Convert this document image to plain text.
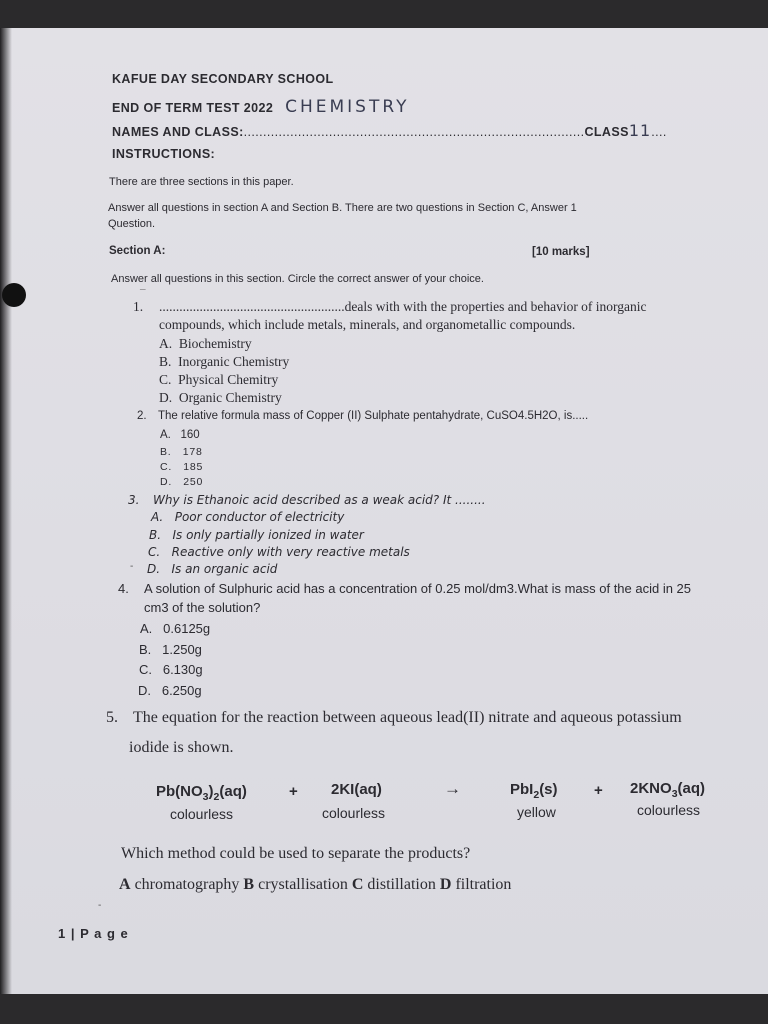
KAFUE DAY SECONDARY SCHOOL
END OF TERM TEST 2022 CHEMISTRY
NAMES AND CLASS:........................................................................................CLASS11....
INSTRUCTIONS:
There are three sections in this paper.
Answer all questions in section A and Section B. There are two questions in Section C, Answer 1
Question.
Section A:	[10 marks]
Answer all questions in this section. Circle the correct answer of your choice.
¯
1. .......................................................deals with with the properties and behavior of inorganic
compounds, which include metals, minerals, and organometallic compounds.
A. Biochemistry
B. Inorganic Chemistry
C. Physical Chemitry
D. Organic Chemistry
2. The relative formula mass of Copper (II) Sulphate pentahydrate, CuSO4.5H2O, is.....
A. 160
B. 178
C. 185
D. 250
3. Why is Ethanoic acid described as a weak acid? It ........
A. Poor conductor of electricity
B. Is only partially ionized in water
C. Reactive only with very reactive metals
- D. Is an organic acid
4. A solution of Sulphuric acid has a concentration of 0.25 mol/dm3.What is mass of the acid in 25
cm3 of the solution?
A. 0.6125g
B. 1.250g
C. 6.130g
D. 6.250g
5. The equation for the reaction between aqueous lead(II) nitrate and aqueous potassium
iodide is shown.
$Pb(NO_3)_2(aq)$	+ 2KI(aq)	→	$PbI_2(s) + 2KNO_3(aq)$
colourless	colourless	yellow	colourless
Which method could be used to separate the products?
A chromatography B crystallisation C distillation D filtration
-
1 | P a g e
